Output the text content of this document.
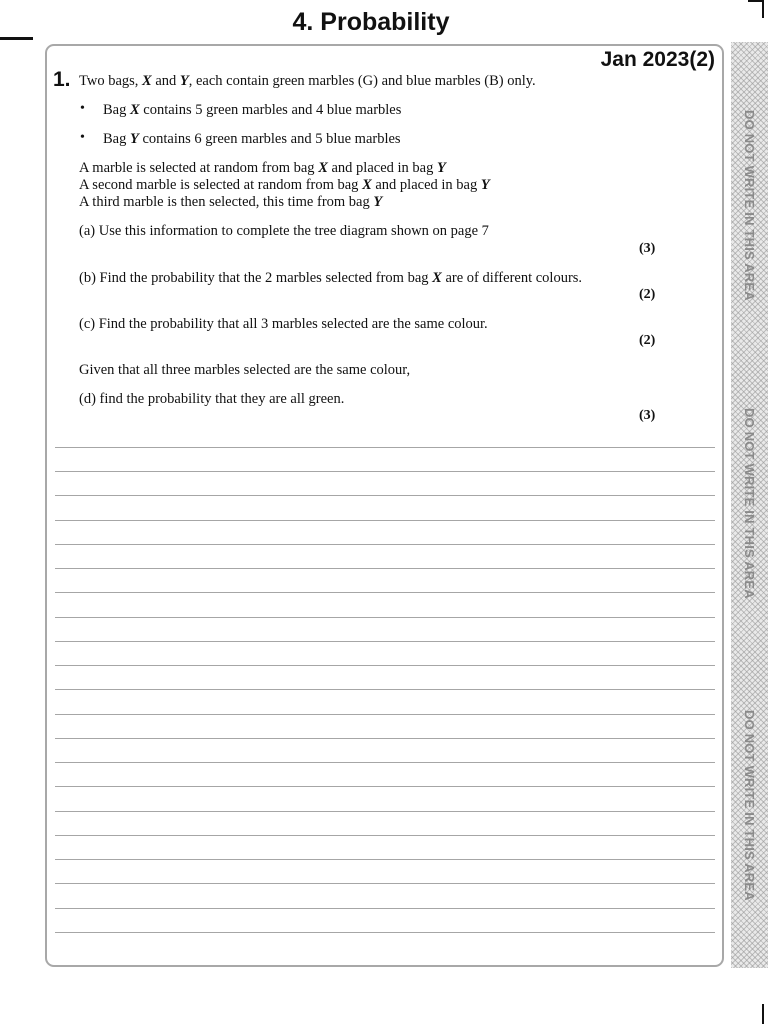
4. Probability
Jan 2023(2)
1. Two bags, X and Y, each contain green marbles (G) and blue marbles (B) only.
• Bag X contains 5 green marbles and 4 blue marbles
• Bag Y contains 6 green marbles and 5 blue marbles
A marble is selected at random from bag X and placed in bag Y
A second marble is selected at random from bag X and placed in bag Y
A third marble is then selected, this time from bag Y
(a) Use this information to complete the tree diagram shown on page 7
(3)
(b) Find the probability that the 2 marbles selected from bag X are of different colours.
(2)
(c) Find the probability that all 3 marbles selected are the same colour.
(2)
Given that all three marbles selected are the same colour,
(d) find the probability that they are all green.
(3)
DO NOT WRITE IN THIS AREA
DO NOT WRITE IN THIS AREA
DO NOT WRITE IN THIS AREA
